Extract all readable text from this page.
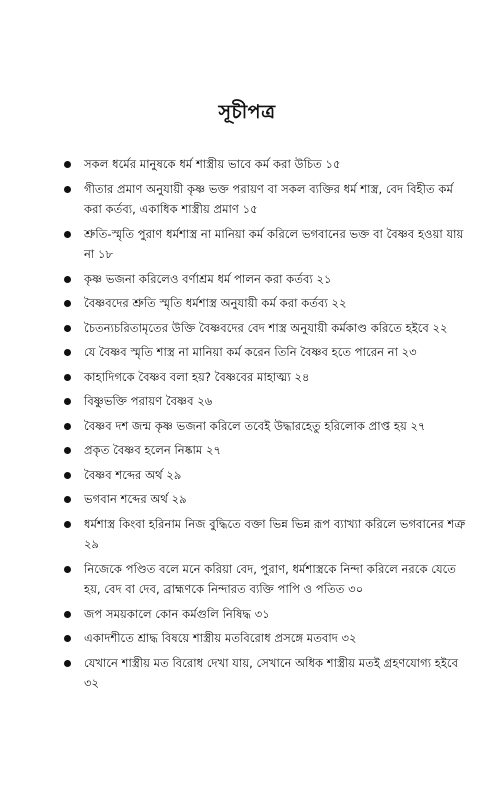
সূচীপত্র
সকল ধর্মের মানুষকে ধর্ম শাস্ত্রীয় ভাবে কর্ম করা উচিত ১৫
গীতার প্রমাণ অনুযায়ী কৃষ্ণ ভক্ত পরায়ণ বা সকল ব্যক্তির ধর্ম শাস্ত্র, বেদ বিহীত কর্ম করা কর্তব্য, একাধিক শাস্ত্রীয় প্রমাণ ১৫
শ্রুতি-স্মৃতি পুরাণ ধর্মশাস্ত্র না মানিয়া কর্ম করিলে ভগবানের ভক্ত বা বৈষ্ণব হওয়া যায় না ১৮
কৃষ্ণ ভজনা করিলেও বর্ণাশ্রম ধর্ম পালন করা কর্তব্য ২১
বৈষ্ণবদের শ্রুতি স্মৃতি ধর্মশাস্ত্র অনুযায়ী কর্ম করা কর্তব্য ২২
চৈতন্যচরিতামৃতের উক্তি বৈষ্ণবদের বেদ শাস্ত্র অনুযায়ী কর্মকাণ্ড করিতে হইবে ২২
যে বৈষ্ণব স্মৃতি শাস্ত্র না মানিয়া কর্ম করেন তিনি বৈষ্ণব হতে পারেন না ২৩
কাহাদিগকে বৈষ্ণব বলা হয়? বৈষ্ণবের মাহাত্ম্য ২৪
বিষ্ণুভক্তি পরায়ণ বৈষ্ণব ২৬
বৈষ্ণব দশ জন্ম কৃষ্ণ ভজনা করিলে তবেই উদ্ধারহেতু হরিলোক প্রাপ্ত হয় ২৭
প্রকৃত বৈষ্ণব হলেন নিষ্কাম ২৭
বৈষ্ণব শব্দের অর্থ ২৯
ভগবান শব্দের অর্থ ২৯
ধর্মশাস্ত্র কিংবা হরিনাম নিজ বুদ্ধিতে বক্তা ভিন্ন ভিন্ন রূপ ব্যাখ্যা করিলে ভগবানের শত্রু ২৯
নিজেকে পণ্ডিত বলে মনে করিয়া বেদ, পুরাণ, ধর্মশাস্ত্রকে নিন্দা করিলে নরকে যেতে হয়, বেদ বা দেব, ব্রাহ্মণকে নিন্দারত ব্যক্তি পাপি ও পতিত ৩০
জপ সময়কালে কোন কর্মগুলি নিষিদ্ধ ৩১
একাদশীতে শ্রাদ্ধ বিষয়ে শাস্ত্রীয় মতবিরোধ প্রসঙ্গে মতবাদ ৩২
যেখানে শাস্ত্রীয় মত বিরোধ দেখা যায়, সেখানে অধিক শাস্ত্রীয় মতই গ্রহণযোগ্য হইবে ৩২
